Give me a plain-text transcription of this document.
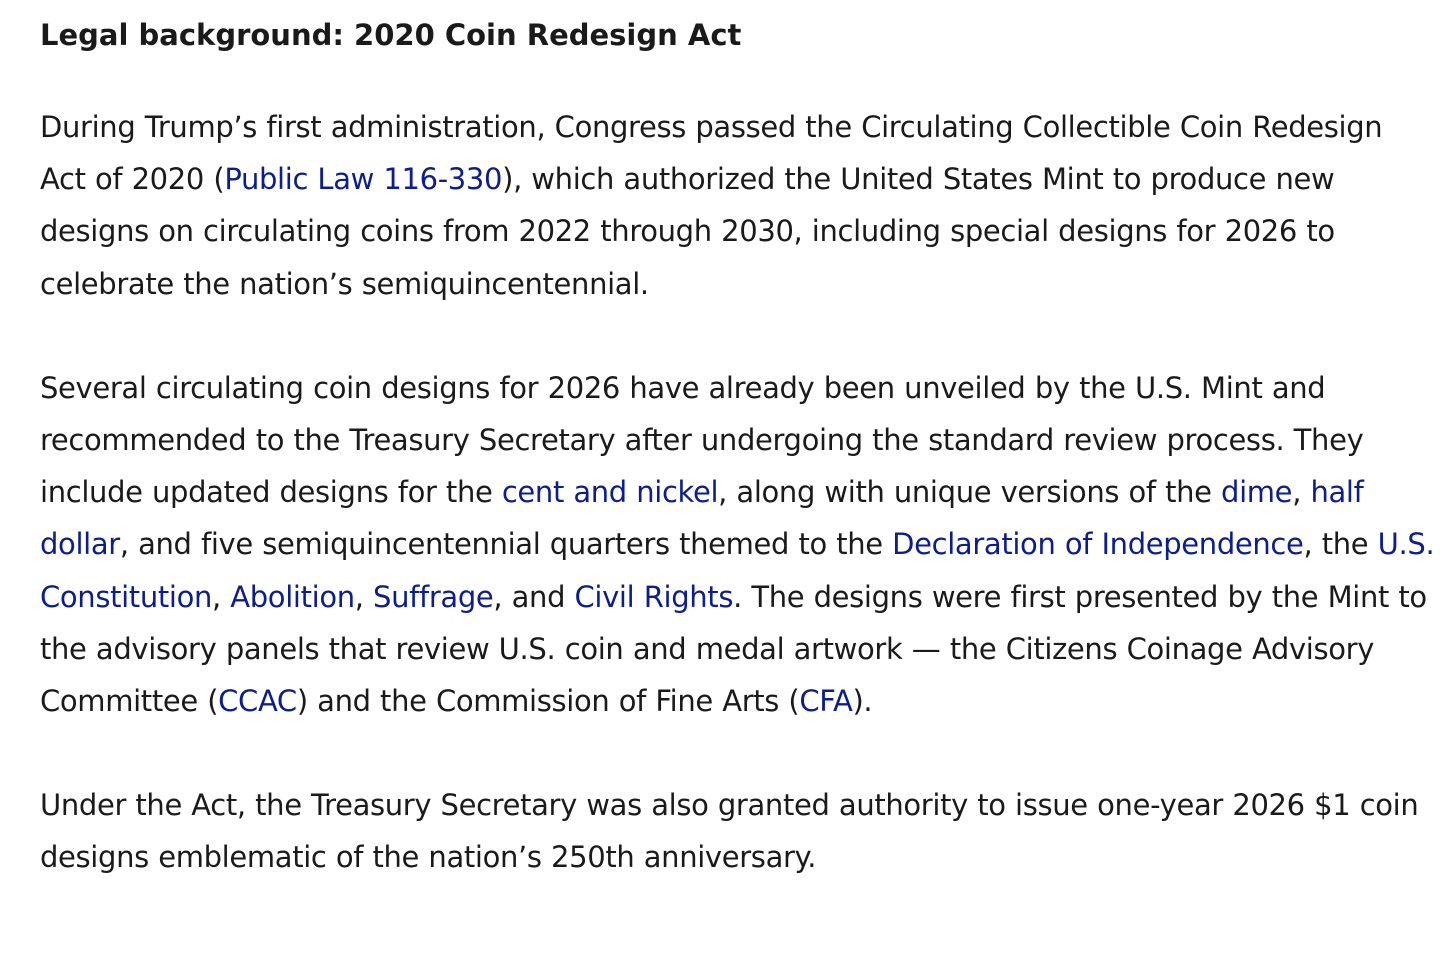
Legal background: 2020 Coin Redesign Act

During Trump’s first administration, Congress passed the Circulating Collectible Coin Redesign Act of 2020 (Public Law 116-330), which authorized the United States Mint to produce new designs on circulating coins from 2022 through 2030, including special designs for 2026 to celebrate the nation’s semiquincentennial.

Several circulating coin designs for 2026 have already been unveiled by the U.S. Mint and recommended to the Treasury Secretary after undergoing the standard review process. They include updated designs for the cent and nickel, along with unique versions of the dime, half dollar, and five semiquincentennial quarters themed to the Declaration of Independence, the U.S. Constitution, Abolition, Suffrage, and Civil Rights. The designs were first presented by the Mint to the advisory panels that review U.S. coin and medal artwork — the Citizens Coinage Advisory Committee (CCAC) and the Commission of Fine Arts (CFA).

Under the Act, the Treasury Secretary was also granted authority to issue one-year 2026 $1 coin designs emblematic of the nation’s 250th anniversary.
